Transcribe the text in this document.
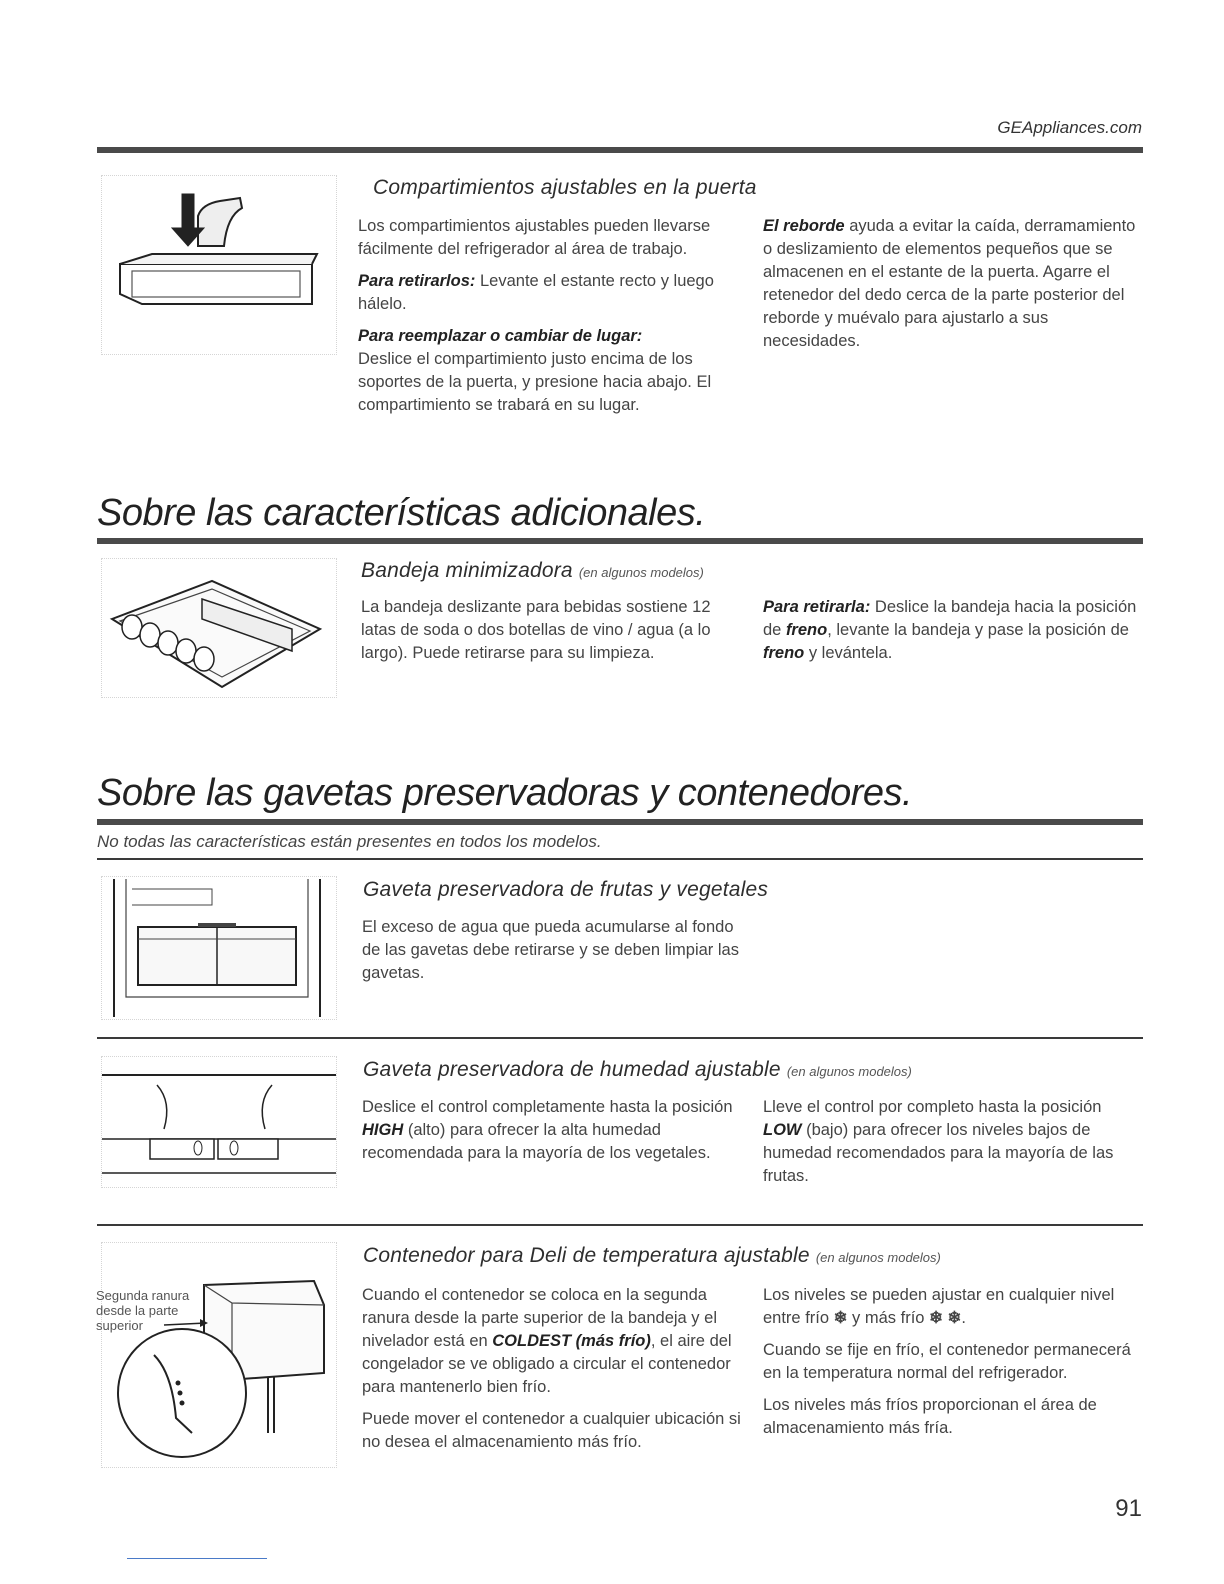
GEAppliances.com
Compartimientos ajustables en la puerta

Los compartimientos ajustables pueden llevarse fácilmente del refrigerador al área de trabajo.

Para retirarlos: Levante el estante recto y luego hálelo.

Para reemplazar o cambiar de lugar:
Deslice el compartimiento justo encima de los soportes de la puerta, y presione hacia abajo. El compartimiento se trabará en su lugar.

El reborde ayuda a evitar la caída, derramamiento o deslizamiento de elementos pequeños que se almacenen en el estante de la puerta. Agarre el retenedor del dedo cerca de la parte posterior del reborde y muévalo para ajustarlo a sus necesidades.

Sobre las características adicionales.
Bandeja minimizadora (en algunos modelos)
La bandeja deslizante para bebidas sostiene 12 latas de soda o dos botellas de vino / agua (a lo largo). Puede retirarse para su limpieza.
Para retirarla: Deslice la bandeja hacia la posición de freno, levante la bandeja y pase la posición de freno y levántela.
Sobre las gavetas preservadoras y contenedores.
No todas las características están presentes en todos los modelos.
Gaveta preservadora de frutas y vegetales
El exceso de agua que pueda acumularse al fondo de las gavetas debe retirarse y se deben limpiar las gavetas.
Gaveta preservadora de humedad ajustable (en algunos modelos)
Deslice el control completamente hasta la posición HIGH (alto) para ofrecer la alta humedad recomendada para la mayoría de los vegetales.
Lleve el control por completo hasta la posición LOW (bajo) para ofrecer los niveles bajos de humedad recomendados para la mayoría de las frutas.
Segunda ranura desde la parte superior
Contenedor para Deli de temperatura ajustable (en algunos modelos)

Cuando el contenedor se coloca en la segunda ranura desde la parte superior de la bandeja y el nivelador está en COLDEST (más frío), el aire del congelador se ve obligado a circular el contenedor para mantenerlo bien frío.

Puede mover el contenedor a cualquier ubicación si no desea el almacenamiento más frío.

Los niveles se pueden ajustar en cualquier nivel entre frío ❄ y más frío ❄ ❄.

Cuando se fije en frío, el contenedor permanecerá en la temperatura normal del refrigerador.

Los niveles más fríos proporcionan el área de almacenamiento más fría.

91
